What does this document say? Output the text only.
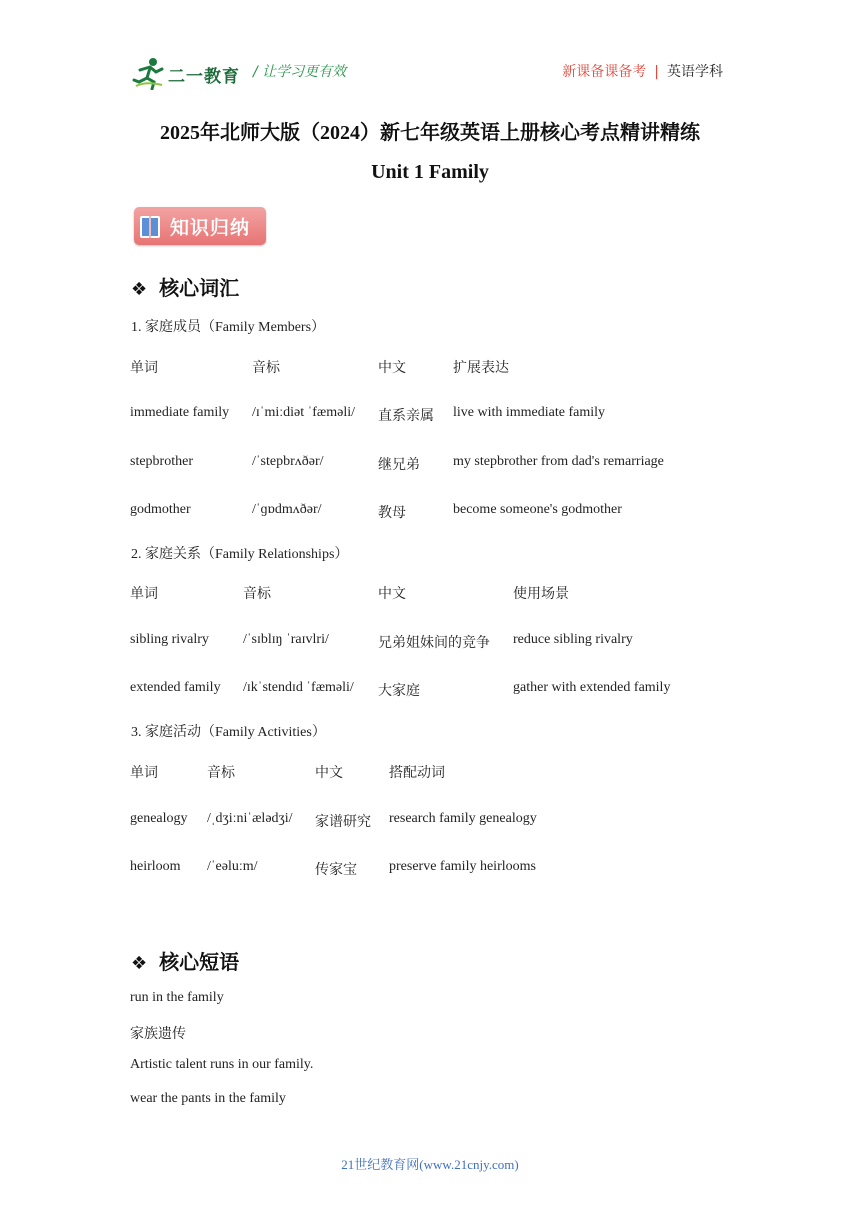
二一教育 / 让学习更有效	新课备课备考 | 英语学科
2025年北师大版（2024）新七年级英语上册核心考点精讲精练
Unit 1 Family
知识归纳
❖ 核心词汇
1. 家庭成员（Family Members）
单词	音标	中文	扩展表达
immediate family /ɪˈmiːdiət ˈfæməli/ 直系亲属 live with immediate family
stepbrother	/ˈstepbrʌðər/	继兄弟 my stepbrother from dad's remarriage
godmother	/ˈɡɒdmʌðər/	教母	become someone's godmother
2. 家庭关系（Family Relationships）
单词	音标	中文	使用场景
sibling rivalry /ˈsɪblɪŋ ˈraɪvlri/	兄弟姐妹间的竞争 reduce sibling rivalry
extended family /ɪkˈstendɪd ˈfæməli/ 大家庭	gather with extended family
3. 家庭活动（Family Activities）
单词	音标	中文	搭配动词
genealogy /ˌdʒiːniˈælədʒi/ 家谱研究 research family genealogy
heirloom /ˈeəluːm/	传家宝 preserve family heirlooms
❖ 核心短语
run in the family
家族遗传
Artistic talent runs in our family.
wear the pants in the family
21世纪教育网(www.21cnjy.com)
